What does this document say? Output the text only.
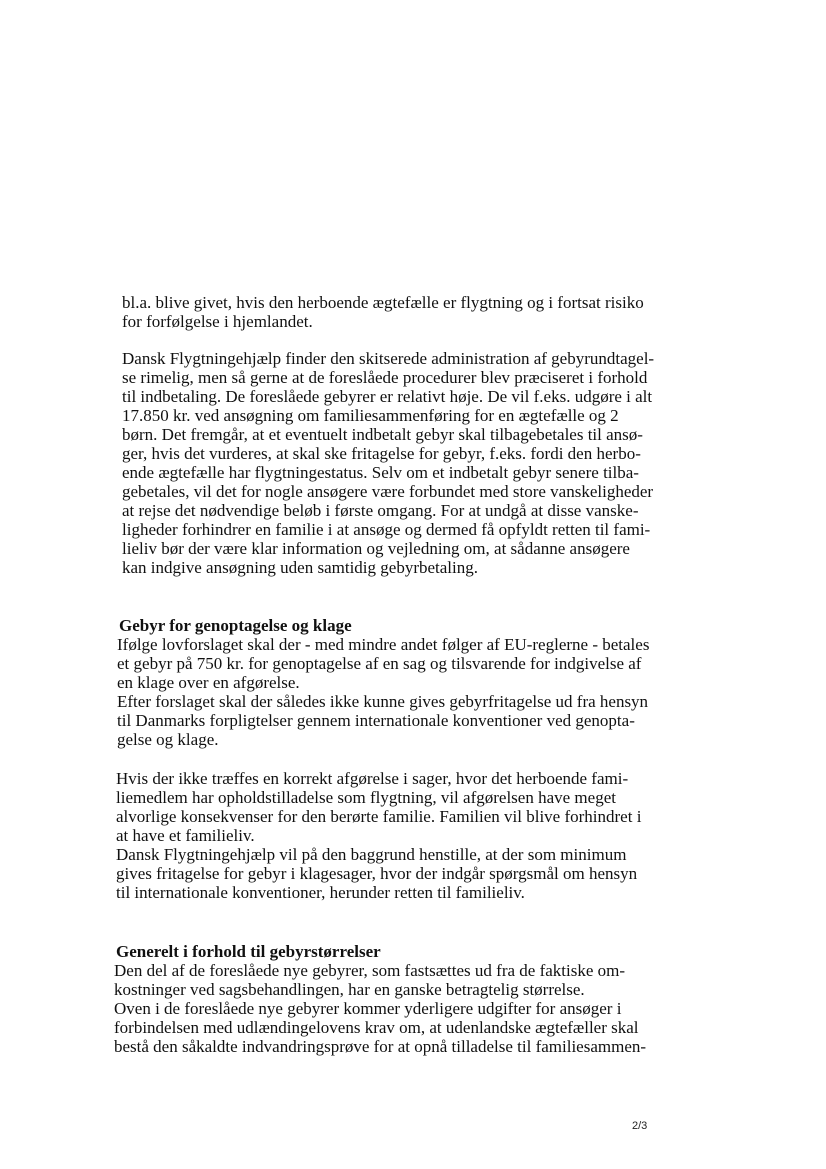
bl.a. blive givet, hvis den herboende ægtefælle er flygtning og i fortsat risiko
for forfølgelse i hjemlandet.
Dansk Flygtningehjælp finder den skitserede administration af gebyrundtagel-
se rimelig, men så gerne at de foreslåede procedurer blev præciseret i forhold
til indbetaling. De foreslåede gebyrer er relativt høje. De vil f.eks. udgøre i alt
17.850 kr. ved ansøgning om familiesammenføring for en ægtefælle og 2
børn. Det fremgår, at et eventuelt indbetalt gebyr skal tilbagebetales til ansø-
ger, hvis det vurderes, at skal ske fritagelse for gebyr, f.eks. fordi den herbo-
ende ægtefælle har flygtningestatus. Selv om et indbetalt gebyr senere tilba-
gebetales, vil det for nogle ansøgere være forbundet med store vanskeligheder
at rejse det nødvendige beløb i første omgang. For at undgå at disse vanske-
ligheder forhindrer en familie i at ansøge og dermed få opfyldt retten til fami-
lieliv bør der være klar information og vejledning om, at sådanne ansøgere
kan indgive ansøgning uden samtidig gebyrbetaling.
Gebyr for genoptagelse og klage
Ifølge lovforslaget skal der - med mindre andet følger af EU-reglerne - betales
et gebyr på 750 kr. for genoptagelse af en sag og tilsvarende for indgivelse af
en klage over en afgørelse.
Efter forslaget skal der således ikke kunne gives gebyrfritagelse ud fra hensyn
til Danmarks forpligtelser gennem internationale konventioner ved genopta-
gelse og klage.
Hvis der ikke træffes en korrekt afgørelse i sager, hvor det herboende fami-
liemedlem har opholdstilladelse som flygtning, vil afgørelsen have meget
alvorlige konsekvenser for den berørte familie. Familien vil blive forhindret i
at have et familieliv.
Dansk Flygtningehjælp vil på den baggrund henstille, at der som minimum
gives fritagelse for gebyr i klagesager, hvor der indgår spørgsmål om hensyn
til internationale konventioner, herunder retten til familieliv.
Generelt i forhold til gebyrstørrelser
Den del af de foreslåede nye gebyrer, som fastsættes ud fra de faktiske om-
kostninger ved sagsbehandlingen, har en ganske betragtelig størrelse.
Oven i de foreslåede nye gebyrer kommer yderligere udgifter for ansøger i
forbindelsen med udlændingelovens krav om, at udenlandske ægtefæller skal
bestå den såkaldte indvandringsprøve for at opnå tilladelse til familiesammen-
2/3
